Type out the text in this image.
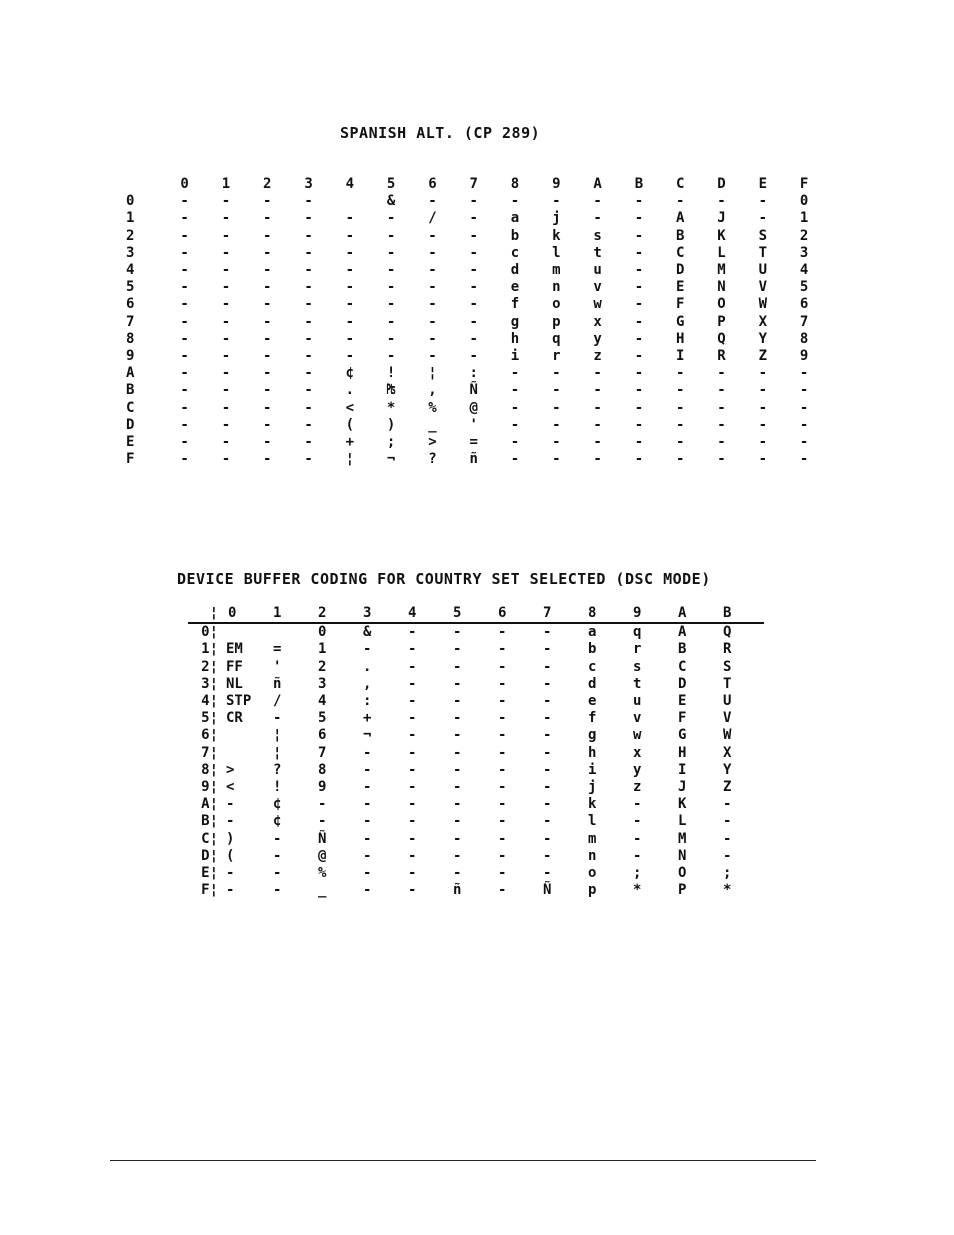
SPANISH ALT. (CP 289)
	0	1	2	3	4	5	6	7	8	9	A	B	C	D	E	F
0	-	-	-	-		&	-	-	-	-	-	-	-	-	-	0
1	-	-	-	-	-	-	/	-	a	j	-	-	A	J	-	1
2	-	-	-	-	-	-	-	-	b	k	s	-	B	K	S	2
3	-	-	-	-	-	-	-	-	c	l	t	-	C	L	T	3
4	-	-	-	-	-	-	-	-	d	m	u	-	D	M	U	4
5	-	-	-	-	-	-	-	-	e	n	v	-	E	N	V	5
6	-	-	-	-	-	-	-	-	f	o	w	-	F	O	W	6
7	-	-	-	-	-	-	-	-	g	p	x	-	G	P	X	7
8	-	-	-	-	-	-	-	-	h	q	y	-	H	Q	Y	8
9	-	-	-	-	-	-	-	-	i	r	z	-	I	R	Z	9
A	-	-	-	-	¢	!	¦	:	-	-	-	-	-	-	-	-
B	-	-	-	-	.	₧	,	Ñ	-	-	-	-	-	-	-	-
C	-	-	-	-	<	*	%	@	-	-	-	-	-	-	-	-
D	-	-	-	-	(	)	_	'	-	-	-	-	-	-	-	-
E	-	-	-	-	+	;	>	=	-	-	-	-	-	-	-	-
F	-	-	-	-	¦	¬	?	ñ	-	-	-	-	-	-	-	-
DEVICE BUFFER CODING FOR COUNTRY SET SELECTED (DSC MODE)
¦	0	1	2	3	4	5	6	7	8	9	A	B
0¦			0	&	-	-	-	-	a	q	A	Q
1¦	EM	=	1	-	-	-	-	-	b	r	B	R
2¦	FF	'	2	.	-	-	-	-	c	s	C	S
3¦	NL	ñ	3	,	-	-	-	-	d	t	D	T
4¦	STP	/	4	:	-	-	-	-	e	u	E	U
5¦	CR	-	5	+	-	-	-	-	f	v	F	V
6¦		¦	6	¬	-	-	-	-	g	w	G	W
7¦		¦	7	-	-	-	-	-	h	x	H	X
8¦	>	?	8	-	-	-	-	-	i	y	I	Y
9¦	<	!	9	-	-	-	-	-	j	z	J	Z
A¦	-	¢	-	-	-	-	-	-	k	-	K	-
B¦	-	¢	-	-	-	-	-	-	l	-	L	-
C¦	)	-	Ñ	-	-	-	-	-	m	-	M	-
D¦	(	-	@	-	-	-	-	-	n	-	N	-
E¦	-	-	%	-	-	-	-	-	o	;	O	;
F¦	-	-	_	-	-	ñ	-	Ñ	p	*	P	*
